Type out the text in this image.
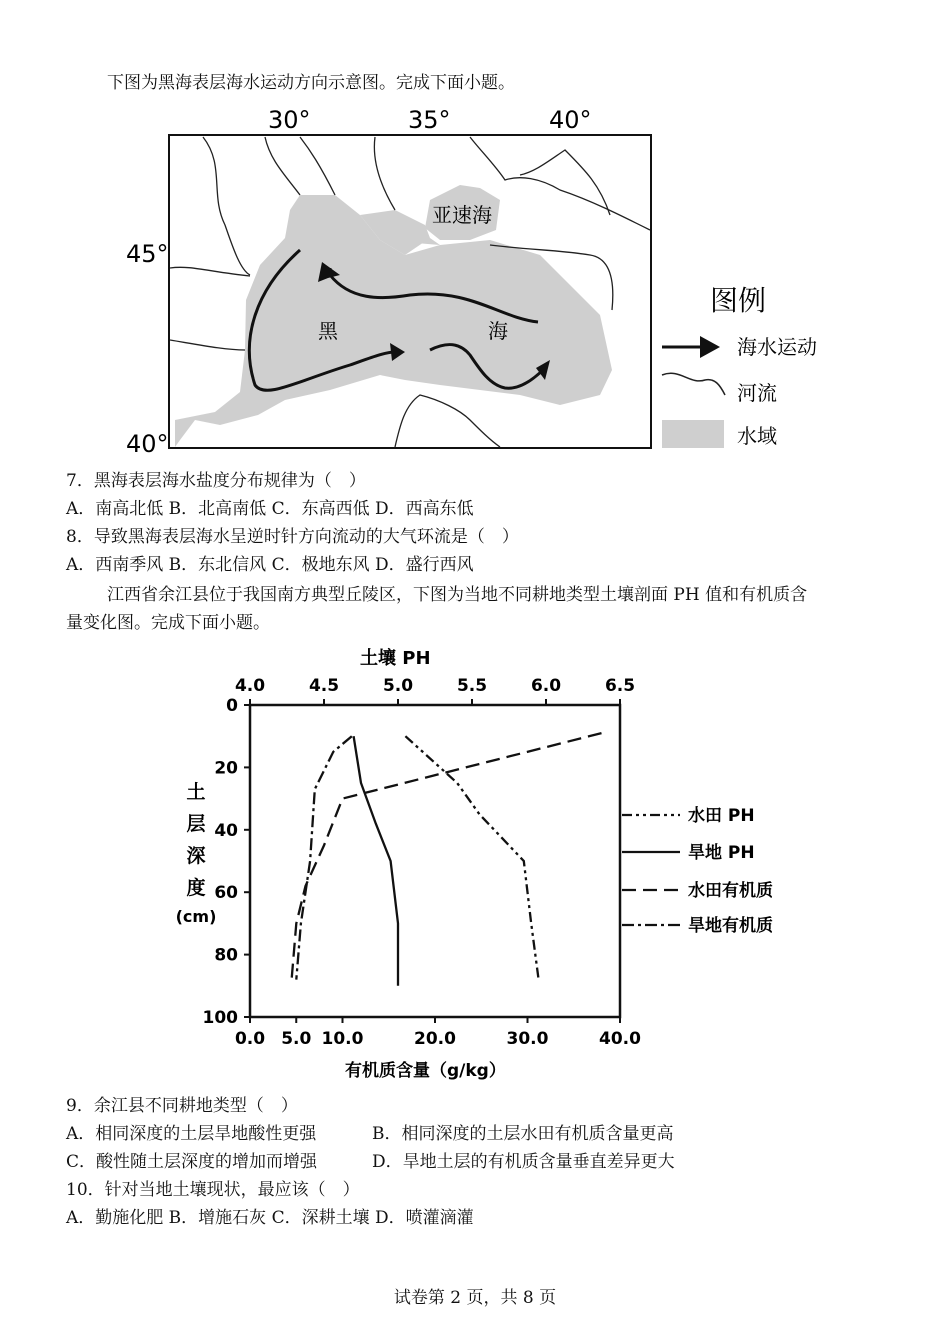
下图为黑海表层海水运动方向示意图。完成下面小题。
30°	35°	40°
45°
40°
亚速海
黑	海
图例
海水运动
河流
水域
7．黑海表层海水盐度分布规律为（　）
A．南高北低 B．北高南低 C．东高西低 D．西高东低
8．导致黑海表层海水呈逆时针方向流动的大气环流是（　）
A．西南季风 B．东北信风 C．极地东风 D．盛行西风
江西省余江县位于我国南方典型丘陵区，下图为当地不同耕地类型土壤剖面 PH 值和有机质含
量变化图。完成下面小题。
土壤 PH
4.0	4.5	5.0	5.5	6.0	6.5
0.0	10.0	20.0	30.0	40.0
5.0
0
20
40
60
80
100
有机质含量（g/kg）
土
层
深
度
(cm)
水田 PH
旱地 PH
水田有机质
旱地有机质
9．余江县不同耕地类型（　）
A．相同深度的土层旱地酸性更强	B．相同深度的土层水田有机质含量更高
C．酸性随土层深度的增加而增强	D．旱地土层的有机质含量垂直差异更大
10．针对当地土壤现状，最应该（　）
A．勤施化肥 B．增施石灰 C．深耕土壤 D．喷灌滴灌
试卷第 2 页，共 8 页
